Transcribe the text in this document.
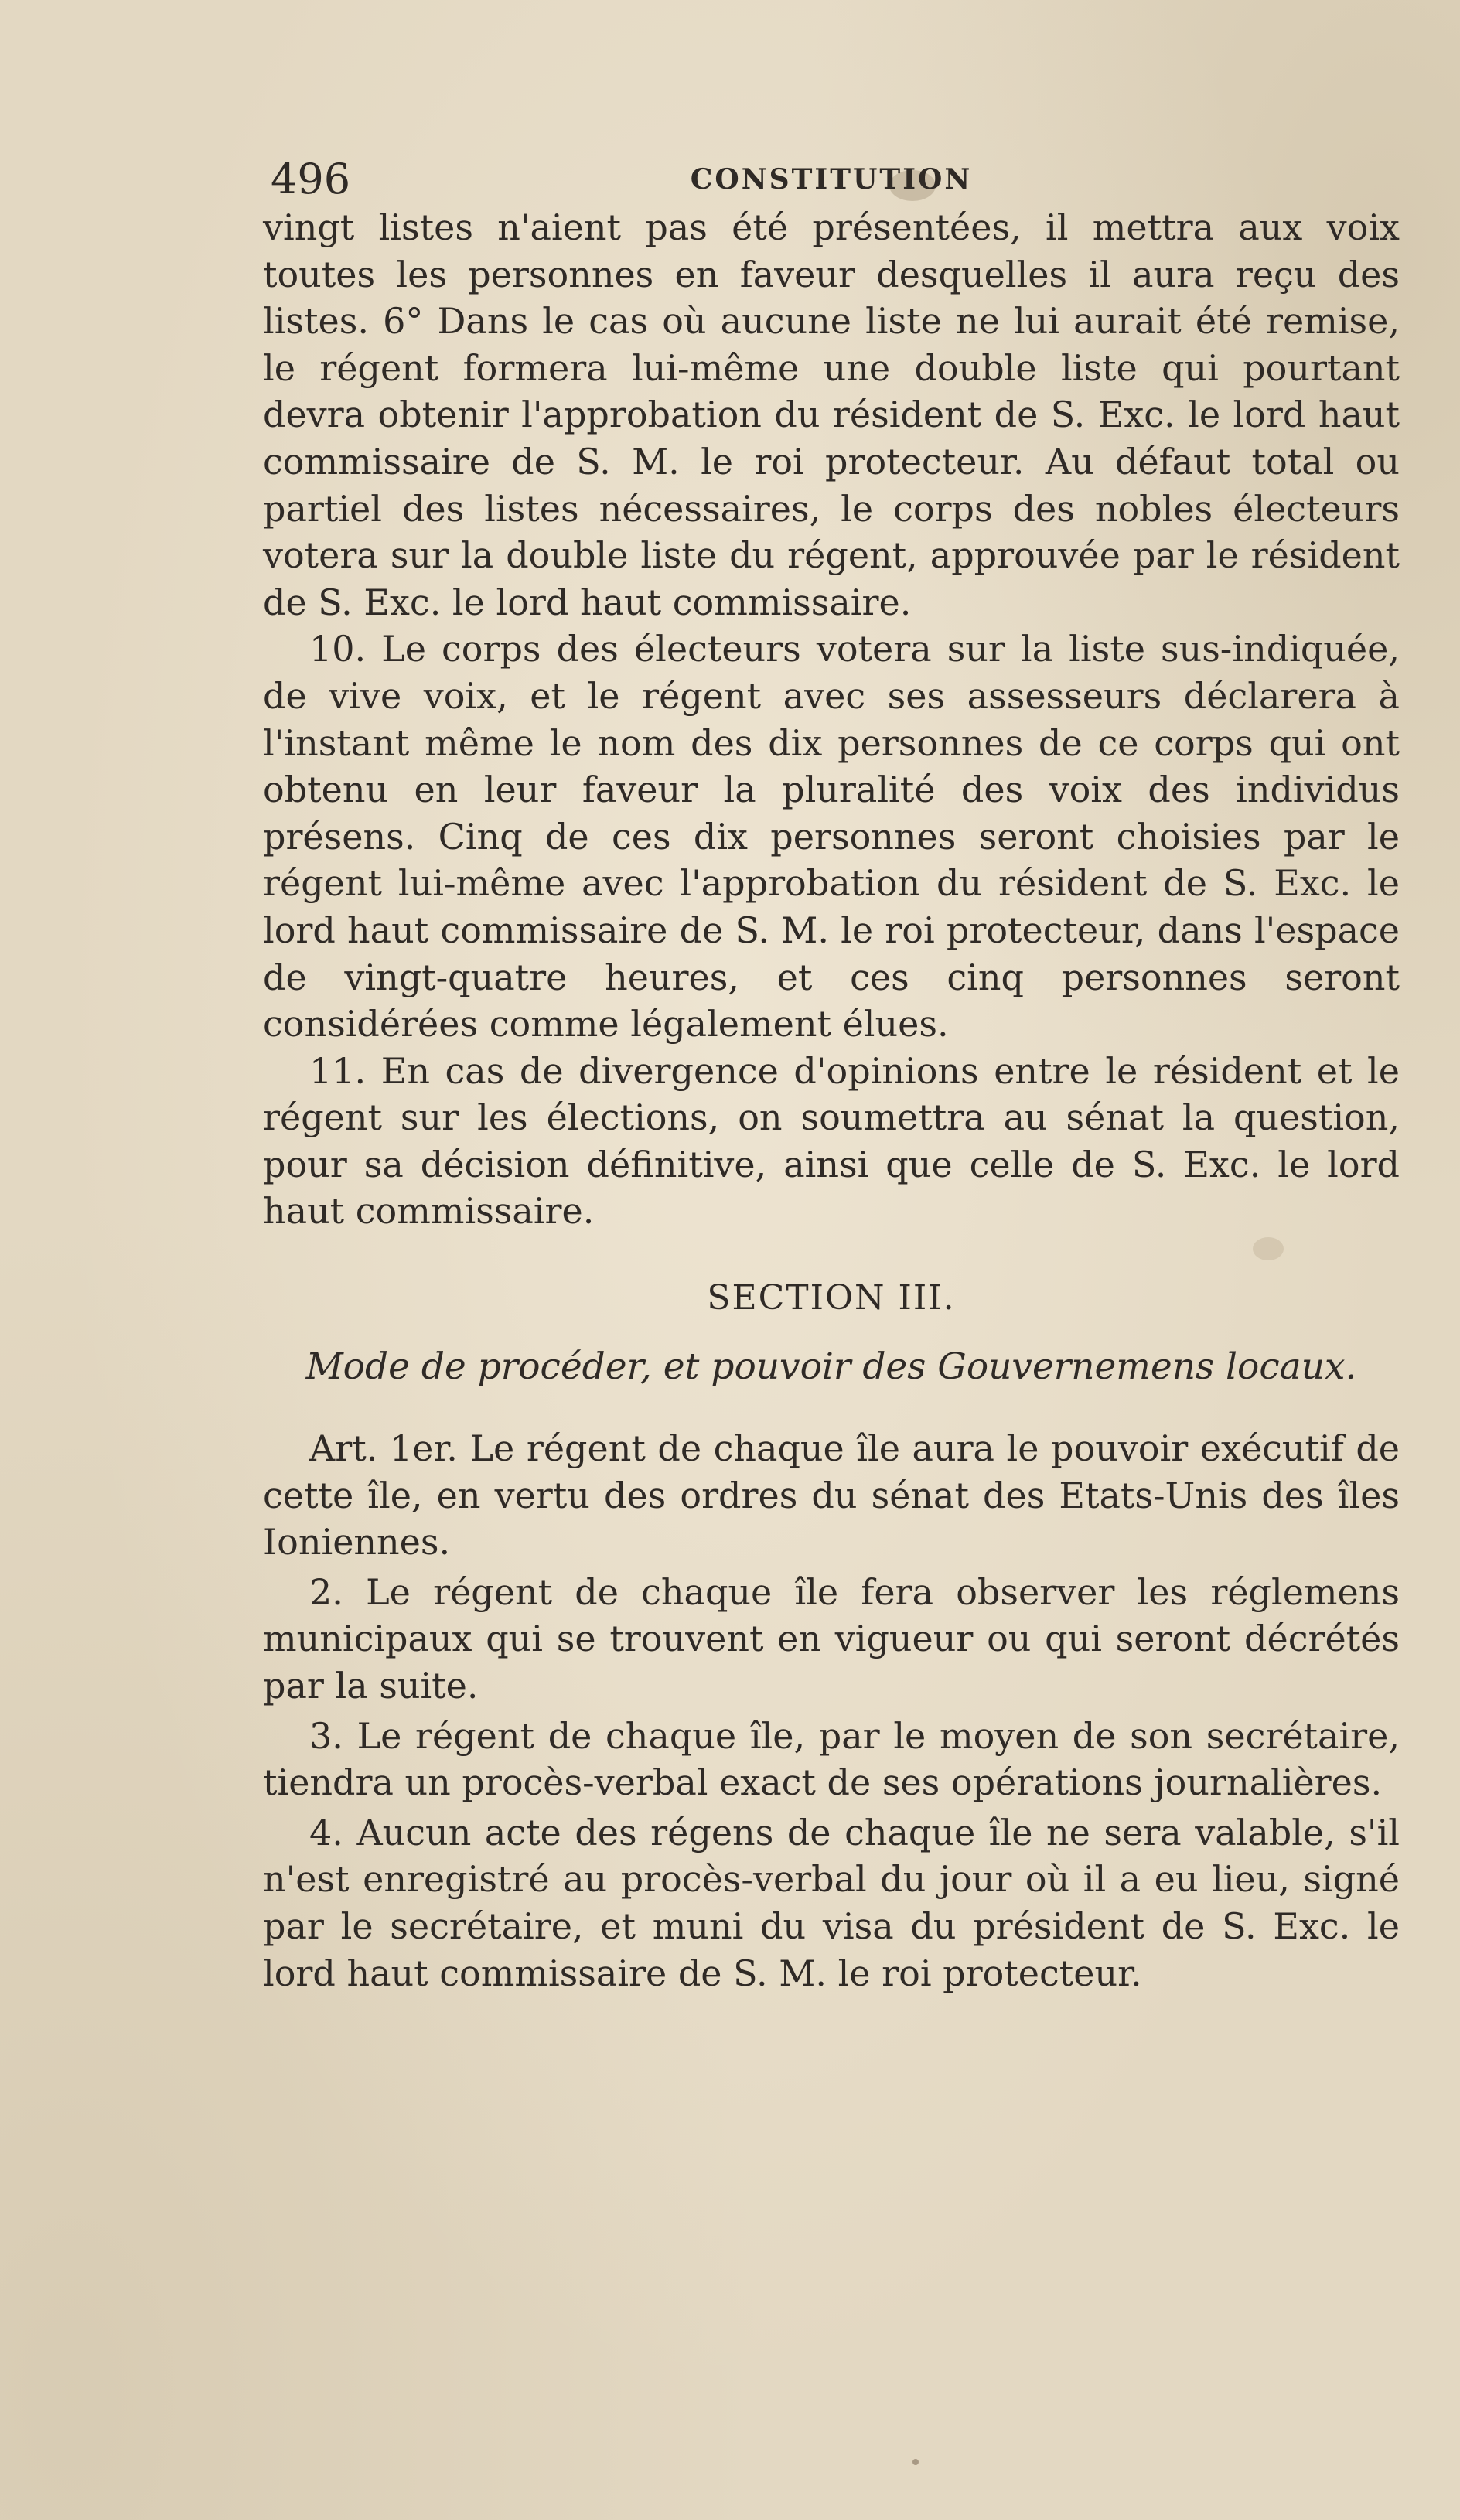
496	CONSTITUTION

vingt listes n'aient pas été présentées, il mettra aux voix toutes les personnes en faveur desquelles il aura reçu des listes. 6° Dans le cas où aucune liste ne lui aurait été remise, le régent formera lui-même une double liste qui pourtant devra obtenir l'approbation du résident de S. Exc. le lord haut commissaire de S. M. le roi protecteur. Au défaut total ou partiel des listes nécessaires, le corps des nobles électeurs votera sur la double liste du régent, approuvée par le résident de S. Exc. le lord haut commissaire.

10. Le corps des électeurs votera sur la liste sus-indiquée, de vive voix, et le régent avec ses assesseurs déclarera à l'instant même le nom des dix personnes de ce corps qui ont obtenu en leur faveur la pluralité des voix des individus présens. Cinq de ces dix personnes seront choisies par le régent lui-même avec l'approbation du résident de S. Exc. le lord haut commissaire de S. M. le roi protecteur, dans l'espace de vingt-quatre heures, et ces cinq personnes seront considérées comme légalement élues.

11. En cas de divergence d'opinions entre le résident et le régent sur les élections, on soumettra au sénat la question, pour sa décision définitive, ainsi que celle de S. Exc. le lord haut commissaire.

SECTION III.
Mode de procéder, et pouvoir des Gouvernemens locaux.

Art. 1er. Le régent de chaque île aura le pouvoir exécutif de cette île, en vertu des ordres du sénat des Etats-Unis des îles Ioniennes.

2. Le régent de chaque île fera observer les réglemens municipaux qui se trouvent en vigueur ou qui seront décrétés par la suite.

3. Le régent de chaque île, par le moyen de son secrétaire, tiendra un procès-verbal exact de ses opérations journalières.

4. Aucun acte des régens de chaque île ne sera valable, s'il n'est enregistré au procès-verbal du jour où il a eu lieu, signé par le secrétaire, et muni du visa du président de S. Exc. le lord haut commissaire de S. M. le roi protecteur.
